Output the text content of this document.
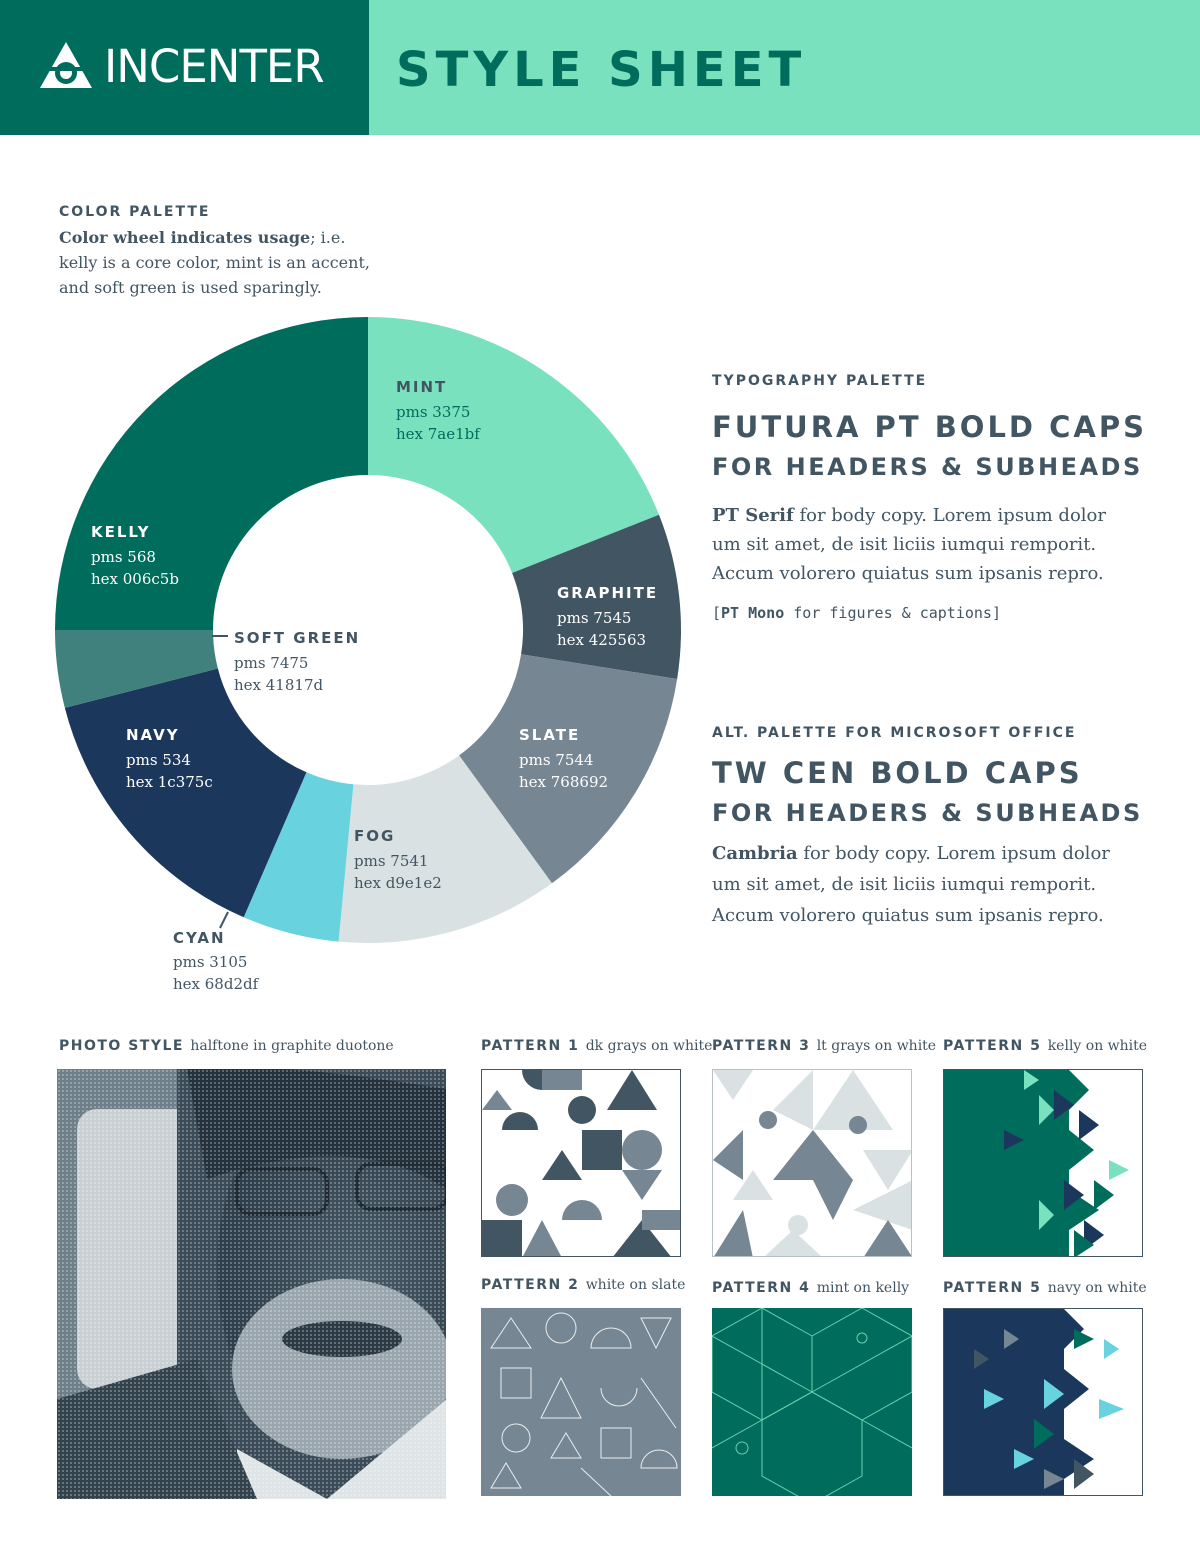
INCENTER STYLE SHEET
COLOR PALETTE
Color wheel indicates usage; i.e.
kelly is a core color, mint is an accent,
and soft green is used sparingly.
MINT
pms 3375
hex 7ae1bf
GRAPHITE
pms 7545
hex 425563
SLATE
pms 7544
hex 768692
FOG
pms 7541
hex d9e1e2
CYAN
pms 3105
hex 68d2df
NAVY
pms 534
hex 1c375c
SOFT GREEN
pms 7475
hex 41817d
KELLY
pms 568
hex 006c5b
TYPOGRAPHY PALETTE
FUTURA PT BOLD CAPS
FOR HEADERS & SUBHEADS
PT Serif for body copy. Lorem ipsum dolor
um sit amet, de isit liciis iumqui remporit.
Accum volorero quiatus sum ipsanis repro.
[PT Mono for figures & captions]
ALT. PALETTE FOR MICROSOFT OFFICE
TW CEN BOLD CAPS
FOR HEADERS & SUBHEADS
Cambria for body copy. Lorem ipsum dolor
um sit amet, de isit liciis iumqui remporit.
Accum volorero quiatus sum ipsanis repro.
PHOTO STYLE halftone in graphite duotone	PATTERN 1 dk grays on white
PATTERN 2 white on slate
PATTERN 3 lt grays on white
PATTERN 4 mint on kelly
PATTERN 5 kelly on white
PATTERN 5 navy on white
